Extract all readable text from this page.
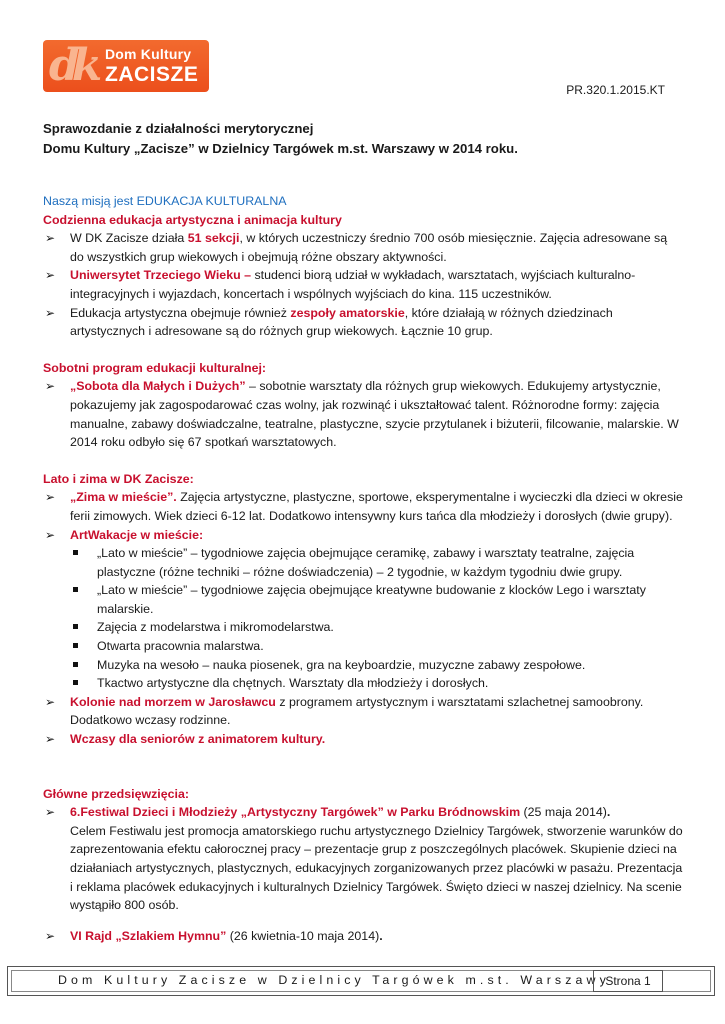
dk Dom Kultury
ZACISZE
PR.320.1.2015.KT
Sprawozdanie z działalności merytorycznej
Domu Kultury „Zacisze” w Dzielnicy Targówek m.st. Warszawy w 2014 roku.

Naszą misją jest EDUKACJA KULTURALNA

Codzienna edukacja artystyczna i animacja kultury

➢ W DK Zacisze działa 51 sekcji, w których uczestniczy średnio 700 osób miesięcznie. Zajęcia adresowane są do wszystkich grup wiekowych i obejmują różne obszary aktywności.
➢ Uniwersytet Trzeciego Wieku – studenci biorą udział w wykładach, warsztatach, wyjściach kulturalno-integracyjnych i wyjazdach, koncertach i wspólnych wyjściach do kina. 115 uczestników.
➢ Edukacja artystyczna obejmuje również zespoły amatorskie, które działają w różnych dziedzinach artystycznych i adresowane są do różnych grup wiekowych. Łącznie 10 grup.

Sobotni program edukacji kulturalnej:

➢ „Sobota dla Małych i Dużych” – sobotnie warsztaty dla różnych grup wiekowych. Edukujemy artystycznie, pokazujemy jak zagospodarować czas wolny, jak rozwinąć i ukształtować talent. Różnorodne formy: zajęcia manualne, zabawy doświadczalne, teatralne, plastyczne, szycie przytulanek i biżuterii, filcowanie, malarskie. W 2014 roku odbyło się 67 spotkań warsztatowych.

Lato i zima w DK Zacisze:

➢ „Zima w mieście”. Zajęcia artystyczne, plastyczne, sportowe, eksperymentalne i wycieczki dla dzieci w okresie ferii zimowych. Wiek dzieci 6-12 lat. Dodatkowo intensywny kurs tańca dla młodzieży i dorosłych (dwie grupy).
➢ ArtWakacje w mieście:
„Lato w mieście” – tygodniowe zajęcia obejmujące ceramikę, zabawy i warsztaty teatralne, zajęcia plastyczne (różne techniki – różne doświadczenia) – 2 tygodnie, w każdym tygodniu dwie grupy.
„Lato w mieście” – tygodniowe zajęcia obejmujące kreatywne budowanie z klocków Lego i warsztaty malarskie.
Zajęcia z modelarstwa i mikromodelarstwa.
Otwarta pracownia malarstwa.
Muzyka na wesoło – nauka piosenek, gra na keyboardzie, muzyczne zabawy zespołowe.
Tkactwo artystyczne dla chętnych. Warsztaty dla młodzieży i dorosłych.
➢ Kolonie nad morzem w Jarosławcu z programem artystycznym i warsztatami szlachetnej samoobrony. Dodatkowo wczasy rodzinne.
➢ Wczasy dla seniorów z animatorem kultury.

Główne przedsięwzięcia:

➢ 6.Festiwal Dzieci i Młodzieży „Artystyczny Targówek” w Parku Bródnowskim (25 maja 2014).
Celem Festiwalu jest promocja amatorskiego ruchu artystycznego Dzielnicy Targówek, stworzenie warunków do zaprezentowania efektu całorocznej pracy – prezentacje grup z poszczególnych placówek. Skupienie dzieci na działaniach artystycznych, plastycznych, edukacyjnych zorganizowanych przez placówki w pasażu. Prezentacja i reklama placówek edukacyjnych i kulturalnych Dzielnicy Targówek. Święto dzieci w naszej dzielnicy. Na scenie wystąpiło 800 osób.
➢ VI Rajd „Szlakiem Hymnu” (26 kwietnia-10 maja 2014).
Dom Kultury Zacisze w Dzielnicy Targówek m.st. Warszawy
Strona 1
